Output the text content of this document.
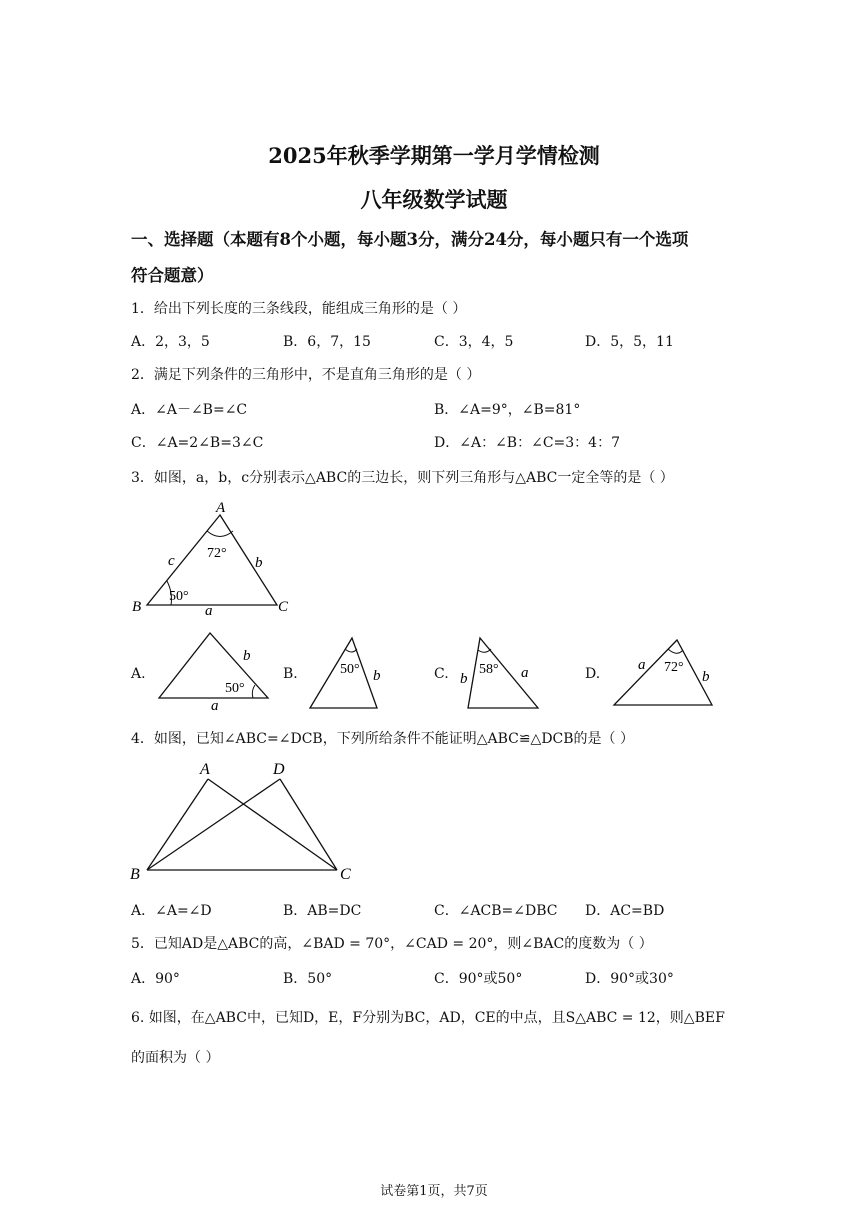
2025年秋季学期第一学月学情检测
八年级数学试题
一、选择题（本题有8个小题，每小题3分，满分24分，每小题只有一个选项
符合题意）
1．给出下列长度的三条线段，能组成三角形的是（ ）
A．2，3，5	B．6，7，15	C．3，4，5	D．5，5，11
2．满足下列条件的三角形中，不是直角三角形的是（ ）
A．∠A－∠B=∠C	B．∠A=9°，∠B=81°
C．∠A=2∠B=3∠C	D．∠A：∠B：∠C=3：4：7
3．如图，a，b，c分别表示△ABC的三边长，则下列三角形与△ABC一定全等的是（ ）
A
B	C
a
b
c 72°
50°
A.
b
50°
a
B.	50° b	C. 58°
b	a	D.
a 72°
b
4．如图，已知∠ABC=∠DCB，下列所给条件不能证明△ABC≌△DCB的是（ ）
A	D
B	C
A．∠A=∠D	B．AB=DC	C．∠ACB=∠DBC D．AC=BD
5．已知AD是△ABC的高，∠BAD = 70°，∠CAD = 20°，则∠BAC的度数为（ ）
A．90°	B．50°	C．90°或50°	D．90°或30°
6. 如图，在△ABC中，已知D，E，F分别为BC，AD，CE的中点，且S△ABC = 12，则△BEF
的面积为（ ）
试卷第1页，共7页
